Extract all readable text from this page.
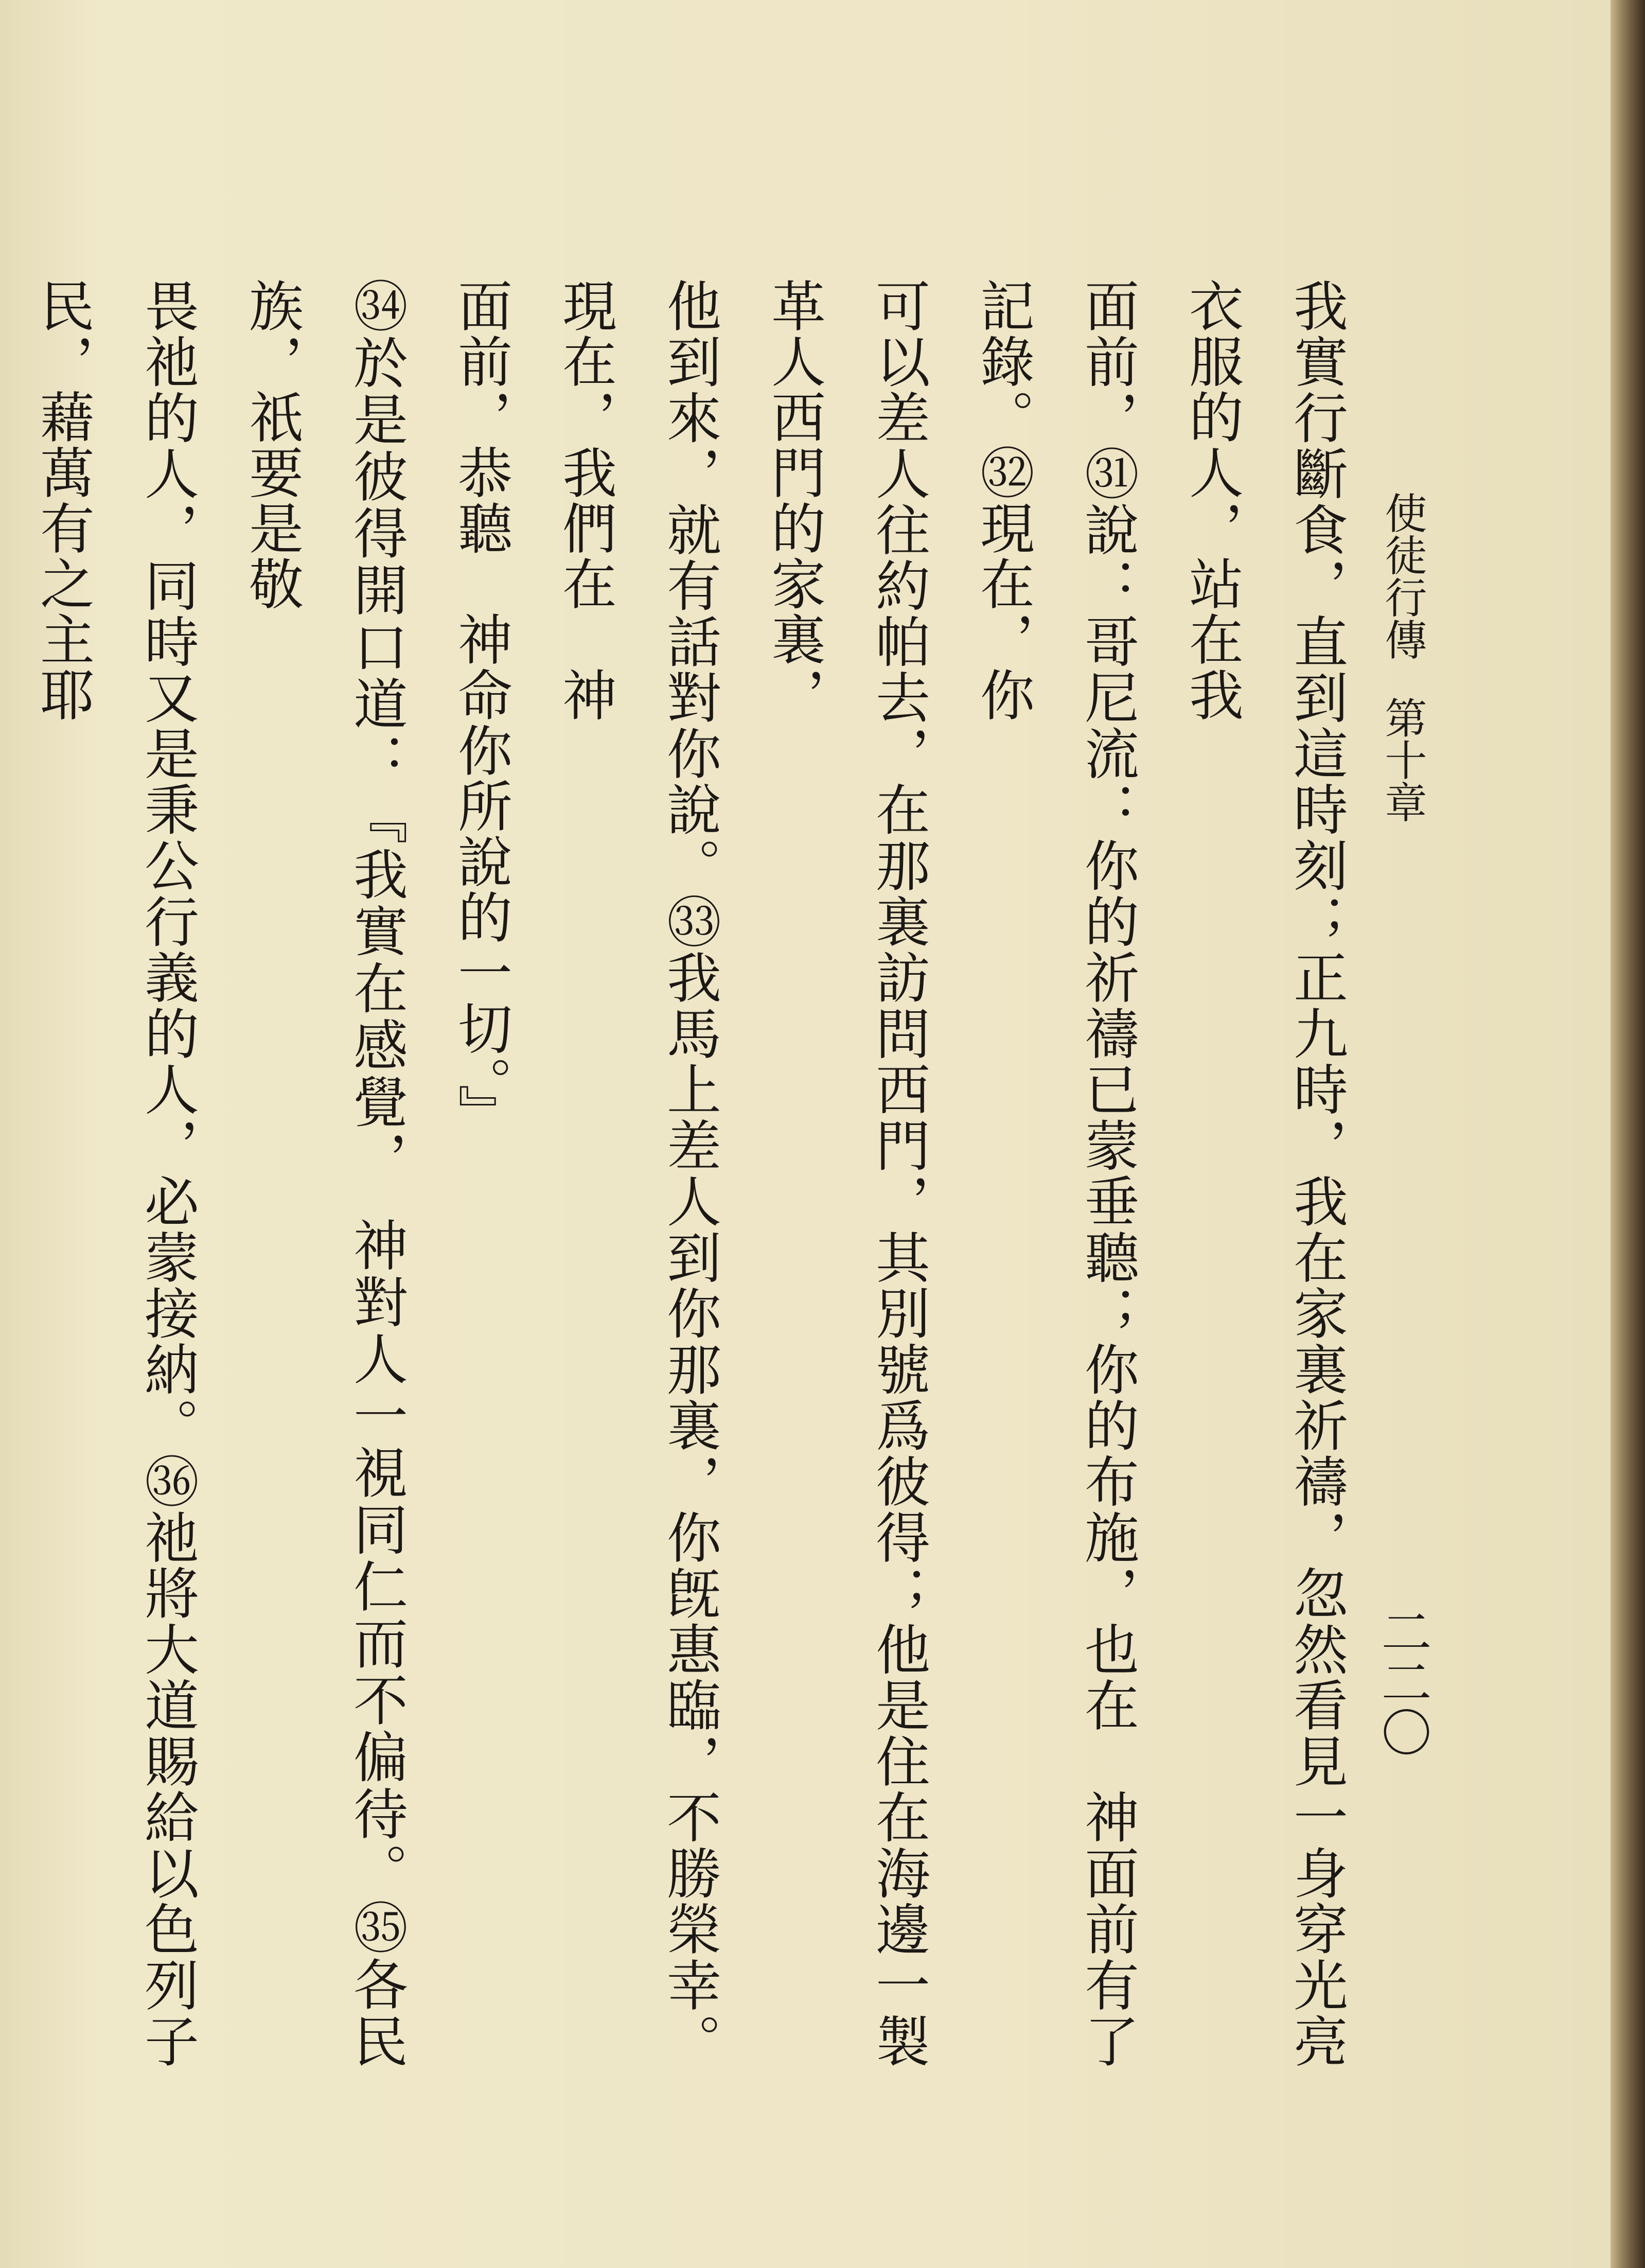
使徒行傳第十章
二二〇

我實行斷食，直到這時刻；正九時，我在家裏祈禱，忽然看見一身穿光亮衣服的人，站在我

面前，㉛說：哥尼流：你的祈禱已蒙垂聽；你的布施，也在　神面前有了記錄。㉜現在，你

可以差人往約帕去，在那裏訪問西門，其別號爲彼得；他是住在海邊一製革人西門的家裏，

他到來，就有話對你說。㉝我馬上差人到你那裏，你旣惠臨，不勝榮幸。現在，我們在　神

面前，恭聽　神命你所說的一切。』

㉞於是彼得開口道：『我實在感覺，　神對人一視同仁而不偏待。㉟各民族，祇要是敬

畏祂的人，同時又是秉公行義的人，必蒙接納。㊱祂將大道賜給以色列子民，藉萬有之主耶
